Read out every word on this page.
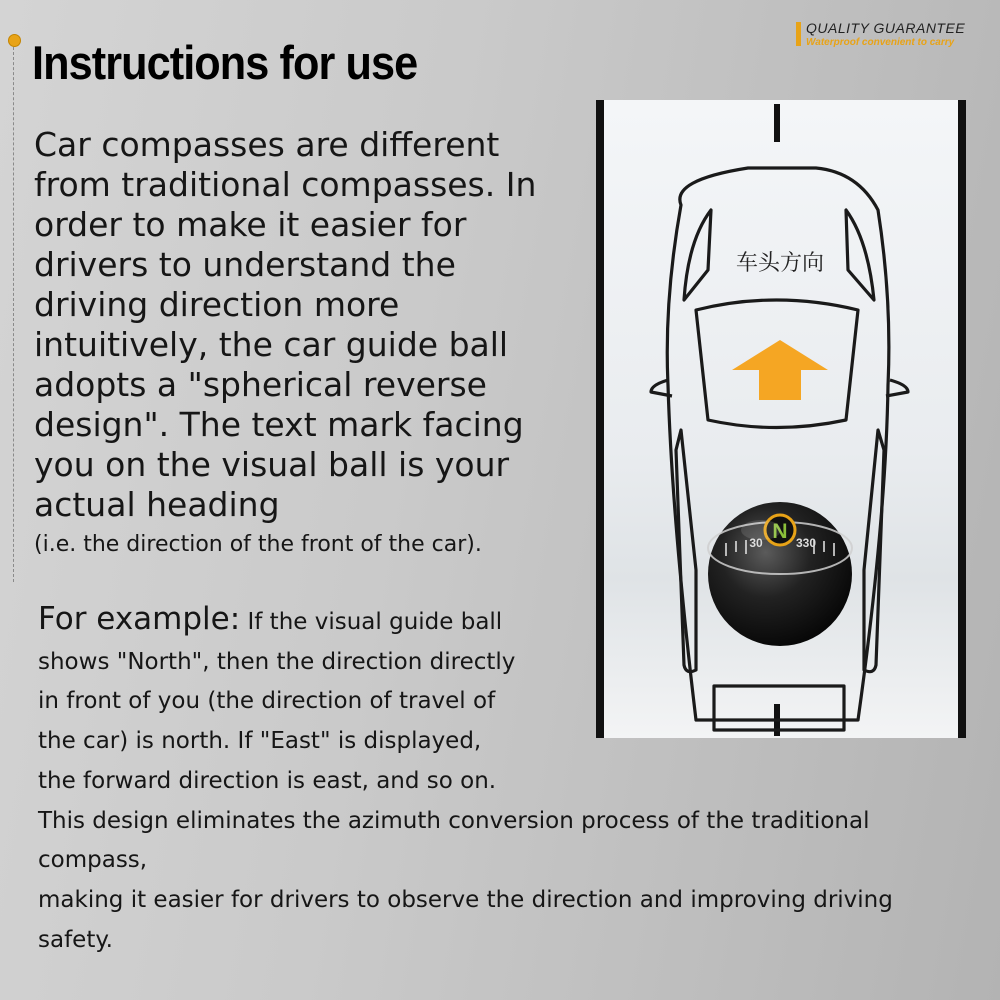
Instructions for use
QUALITY GUARANTEE
Waterproof convenient to carry

Car compasses are different from traditional compasses. In order to make it easier for drivers to understand the driving direction more intuitively, the car guide ball adopts a "spherical reverse design". The text mark facing you on the visual ball is your actual heading

(i.e. the direction of the front of the car).

For example: If the visual guide ball
shows "North", then the direction directly
in front of you (the direction of travel of
the car) is north. If "East" is displayed,
the forward direction is east, and so on.
This design eliminates the azimuth conversion process of the traditional
compass,
making it easier for drivers to observe the direction and improving driving
safety.
车头方向
N
30	330
